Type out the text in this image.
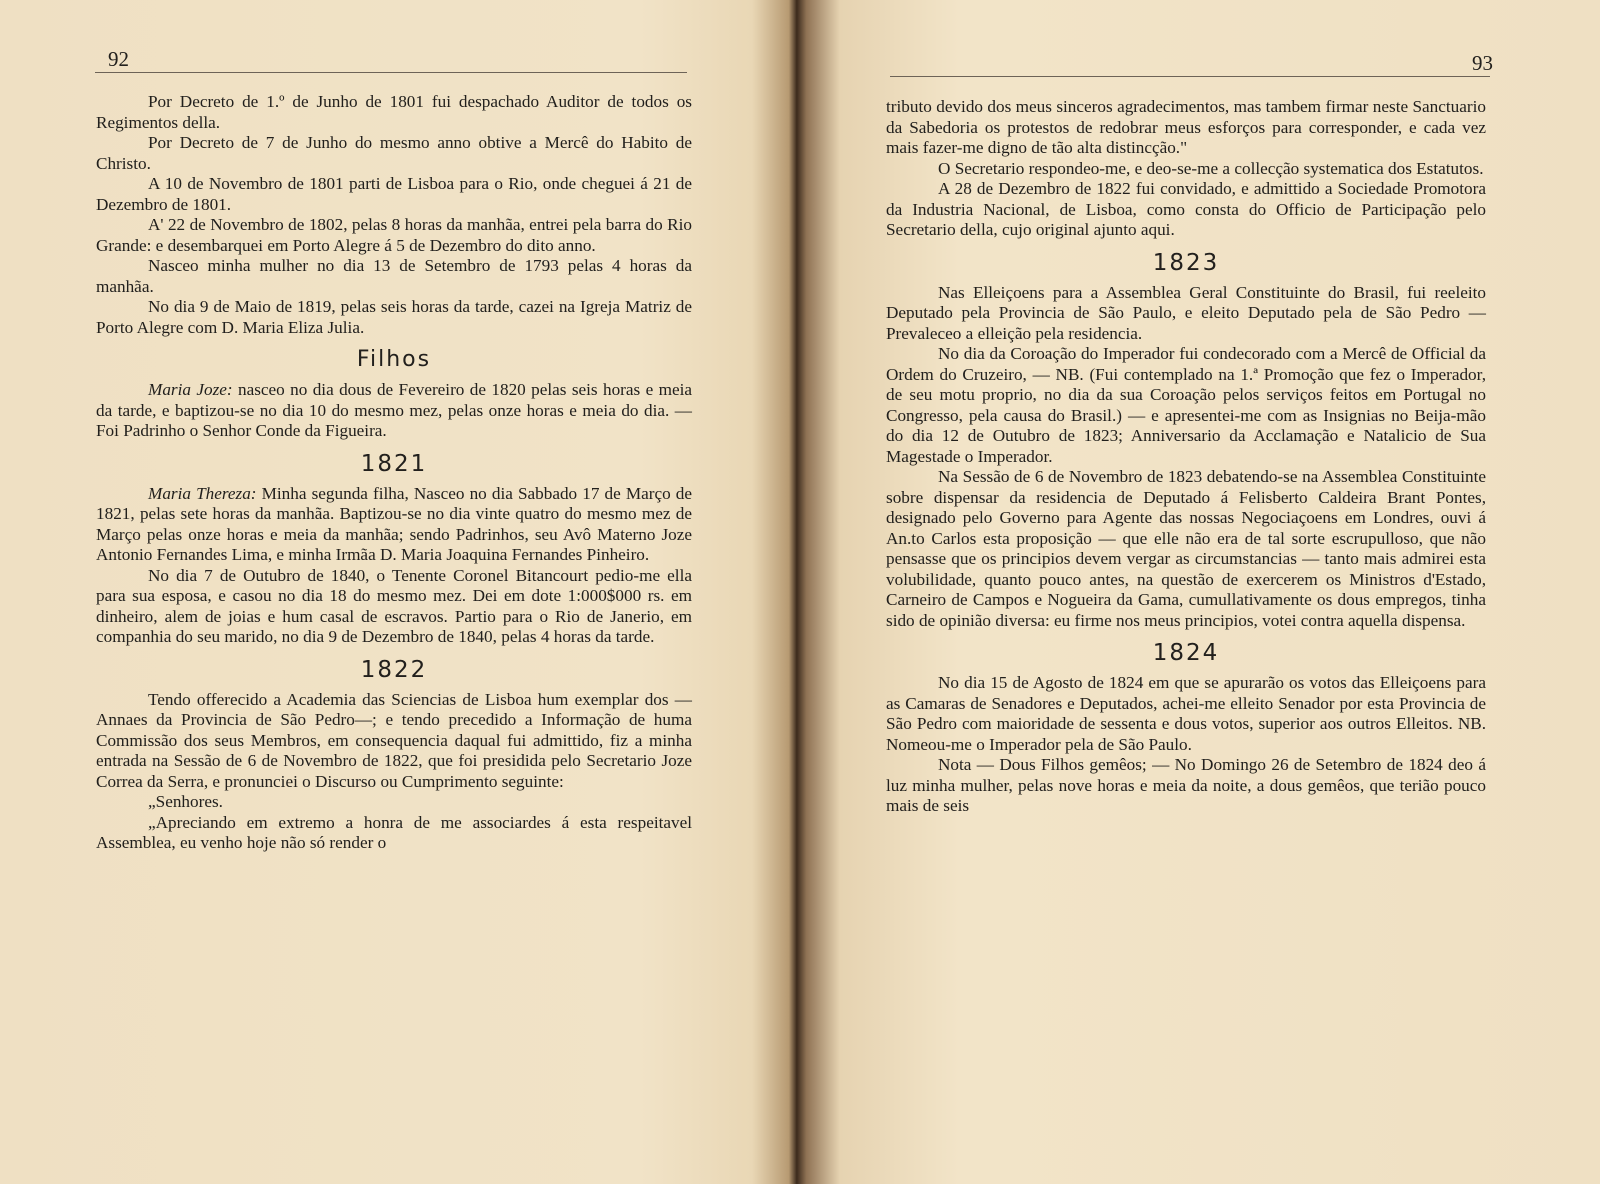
92

Por Decreto de 1.º de Junho de 1801 fui despachado Auditor de todos os Regimentos della.

Por Decreto de 7 de Junho do mesmo anno obtive a Mercê do Habito de Christo.

A 10 de Novembro de 1801 parti de Lisboa para o Rio, onde cheguei á 21 de Dezembro de 1801.

A' 22 de Novembro de 1802, pelas 8 horas da manhãa, entrei pela barra do Rio Grande: e desembarquei em Porto Alegre á 5 de Dezembro do dito anno.

Nasceo minha mulher no dia 13 de Setembro de 1793 pelas 4 horas da manhãa.

No dia 9 de Maio de 1819, pelas seis horas da tarde, cazei na Igreja Matriz de Porto Alegre com D. Maria Eliza Julia.

Filhos

Maria Joze: nasceo no dia dous de Fevereiro de 1820 pelas seis horas e meia da tarde, e baptizou-se no dia 10 do mesmo mez, pelas onze horas e meia do dia. — Foi Padrinho o Senhor Conde da Figueira.

1821

Maria Thereza: Minha segunda filha, Nasceo no dia Sabbado 17 de Março de 1821, pelas sete horas da manhãa. Baptizou-se no dia vinte quatro do mesmo mez de Março pelas onze horas e meia da manhãa; sendo Padrinhos, seu Avô Materno Joze Antonio Fernandes Lima, e minha Irmãa D. Maria Joaquina Fernandes Pinheiro.

No dia 7 de Outubro de 1840, o Tenente Coronel Bitancourt pedio-me ella para sua esposa, e casou no dia 18 do mesmo mez. Dei em dote 1:000$000 rs. em dinheiro, alem de joias e hum casal de escravos. Partio para o Rio de Janerio, em companhia do seu marido, no dia 9 de Dezembro de 1840, pelas 4 horas da tarde.

1822

Tendo offerecido a Academia das Sciencias de Lisboa hum exemplar dos — Annaes da Provincia de São Pedro—; e tendo precedido a Informação de huma Commissão dos seus Membros, em consequencia daqual fui admittido, fiz a minha entrada na Sessão de 6 de Novembro de 1822, que foi presidida pelo Secretario Joze Correa da Serra, e pronunciei o Discurso ou Cumprimento seguinte:

„Senhores.

„Apreciando em extremo a honra de me associardes á esta respeitavel Assemblea, eu venho hoje não só render o

93

tributo devido dos meus sinceros agradecimentos, mas tambem firmar neste Sanctuario da Sabedoria os protestos de redobrar meus esforços para corresponder, e cada vez mais fazer-me digno de tão alta distincção."

O Secretario respondeo-me, e deo-se-me a collecção systematica dos Estatutos.

A 28 de Dezembro de 1822 fui convidado, e admittido a Sociedade Promotora da Industria Nacional, de Lisboa, como consta do Officio de Participação pelo Secretario della, cujo original ajunto aqui.

1823

Nas Elleiçoens para a Assemblea Geral Constituinte do Brasil, fui reeleito Deputado pela Provincia de São Paulo, e eleito Deputado pela de São Pedro — Prevaleceo a elleição pela residencia.

No dia da Coroação do Imperador fui condecorado com a Mercê de Official da Ordem do Cruzeiro, — NB. (Fui contemplado na 1.ª Promoção que fez o Imperador, de seu motu proprio, no dia da sua Coroação pelos serviços feitos em Portugal no Congresso, pela causa do Brasil.) — e apresentei-me com as Insignias no Beija-mão do dia 12 de Outubro de 1823; Anniversario da Acclamação e Natalicio de Sua Magestade o Imperador.

Na Sessão de 6 de Novembro de 1823 debatendo-se na Assemblea Constituinte sobre dispensar da residencia de Deputado á Felisberto Caldeira Brant Pontes, designado pelo Governo para Agente das nossas Negociaçoens em Londres, ouvi á An.to Carlos esta proposição — que elle não era de tal sorte escrupulloso, que não pensasse que os principios devem vergar as circumstancias — tanto mais admirei esta volubilidade, quanto pouco antes, na questão de exercerem os Ministros d'Estado, Carneiro de Campos e Nogueira da Gama, cumullativamente os dous empregos, tinha sido de opinião diversa: eu firme nos meus principios, votei contra aquella dispensa.

1824

No dia 15 de Agosto de 1824 em que se apurarão os votos das Elleiçoens para as Camaras de Senadores e Deputados, achei-me elleito Senador por esta Provincia de São Pedro com maioridade de sessenta e dous votos, superior aos outros Elleitos. NB. Nomeou-me o Imperador pela de São Paulo.

Nota — Dous Filhos gemêos; — No Domingo 26 de Setembro de 1824 deo á luz minha mulher, pelas nove horas e meia da noite, a dous gemêos, que terião pouco mais de seis
